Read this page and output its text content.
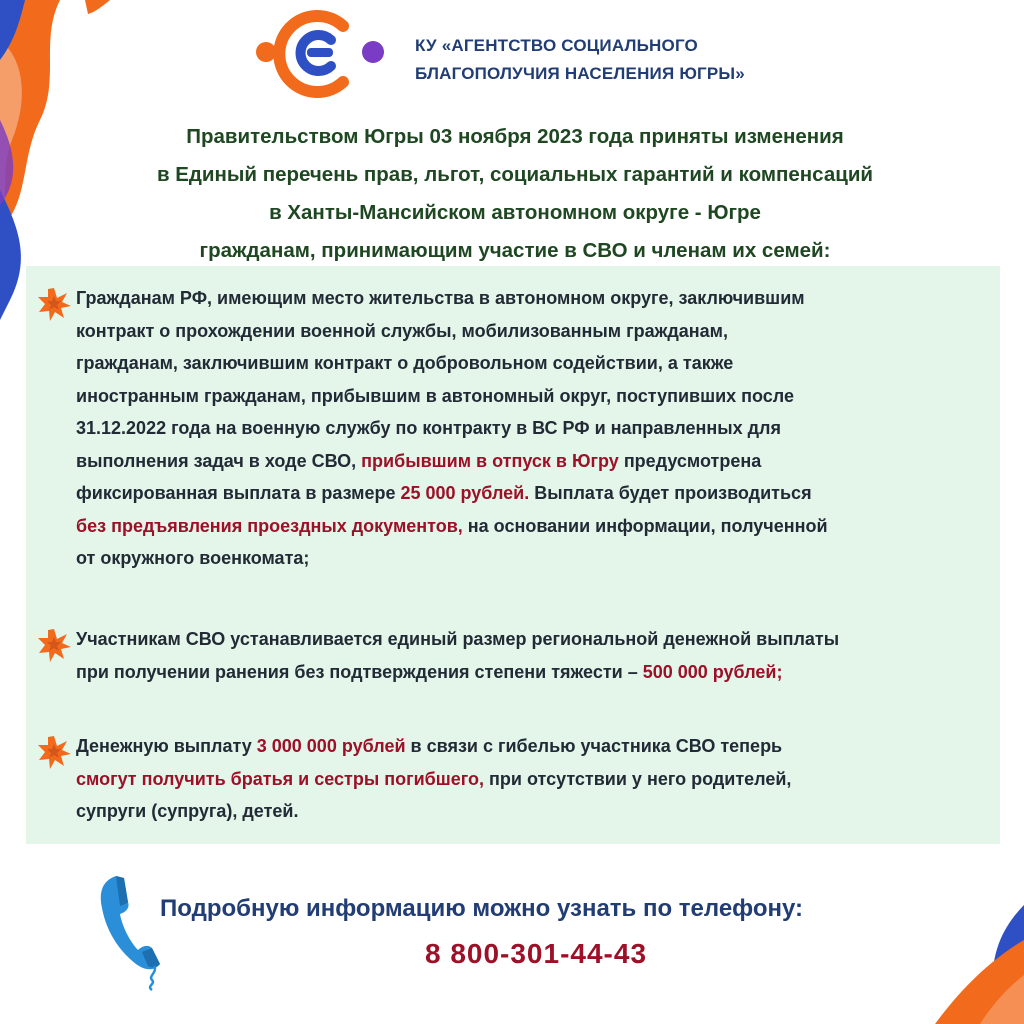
КУ «АГЕНТСТВО СОЦИАЛЬНОГО
БЛАГОПОЛУЧИЯ НАСЕЛЕНИЯ ЮГРЫ»
Правительством Югры 03 ноября 2023 года приняты изменения
в Единый перечень прав, льгот, социальных гарантий и компенсаций
в Ханты-Мансийском автономном округе - Югре
гражданам, принимающим участие в СВО и членам их семей:
Гражданам РФ, имеющим место жительства в автономном округе, заключившим
контракт о прохождении военной службы, мобилизованным гражданам,
гражданам, заключившим контракт о добровольном содействии, а также
иностранным гражданам, прибывшим в автономный округ, поступивших после
31.12.2022 года на военную службу по контракту в ВС РФ и направленных для
выполнения задач в ходе СВО, прибывшим в отпуск в Югру предусмотрена
фиксированная выплата в размере 25 000 рублей. Выплата будет производиться
без предъявления проездных документов, на основании информации, полученной
от окружного военкомата;
Участникам СВО устанавливается единый размер региональной денежной выплаты
при получении ранения без подтверждения степени тяжести – 500 000 рублей;
Денежную выплату 3 000 000 рублей в связи с гибелью участника СВО теперь
смогут получить братья и сестры погибшего, при отсутствии у него родителей,
супруги (супруга), детей.
Подробную информацию можно узнать по телефону:
8 800-301-44-43
